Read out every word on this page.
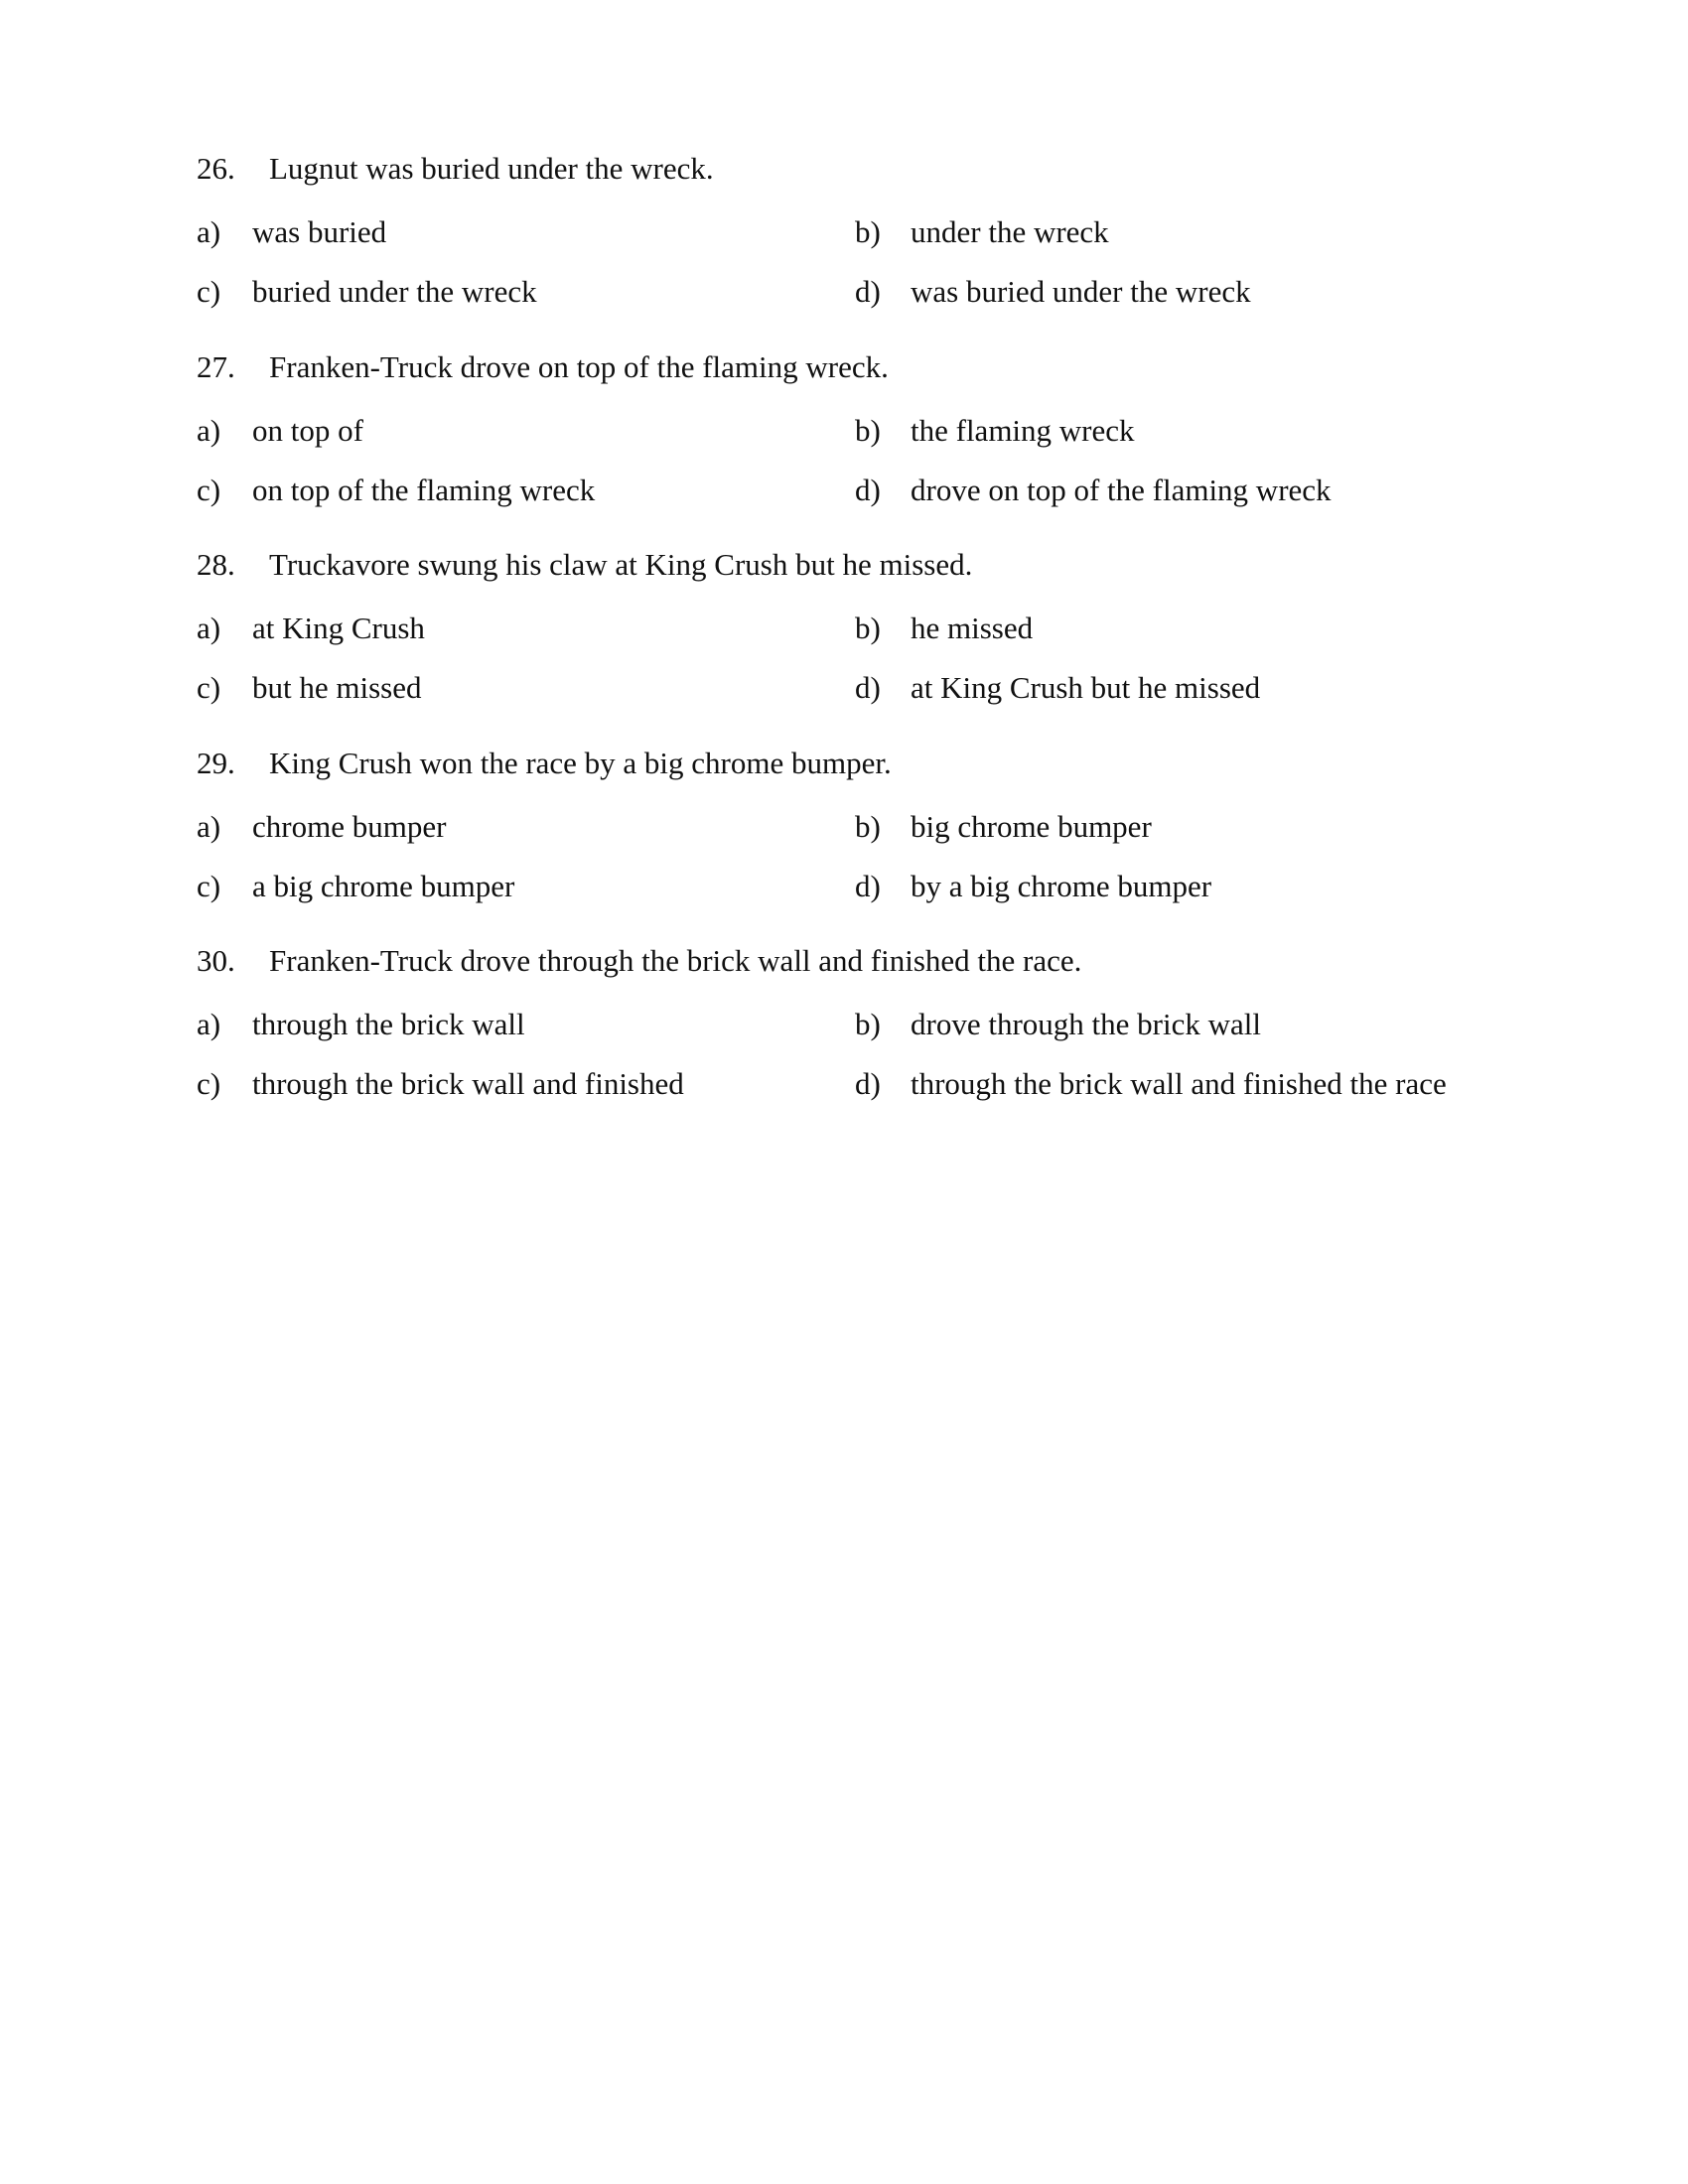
26. Lugnut was buried under the wreck.
a) was buried	b) under the wreck
c) buried under the wreck	d) was buried under the wreck
27. Franken-Truck drove on top of the flaming wreck.
a) on top of	b) the flaming wreck
c) on top of the flaming wreck	d) drove on top of the flaming wreck
28. Truckavore swung his claw at King Crush but he missed.
a) at King Crush	b) he missed
c) but he missed	d) at King Crush but he missed
29. King Crush won the race by a big chrome bumper.
a) chrome bumper	b) big chrome bumper
c) a big chrome bumper	d) by a big chrome bumper
30. Franken-Truck drove through the brick wall and finished the race.
a) through the brick wall	b) drove through the brick wall
c) through the brick wall and finished	d) through the brick wall and finished the race
